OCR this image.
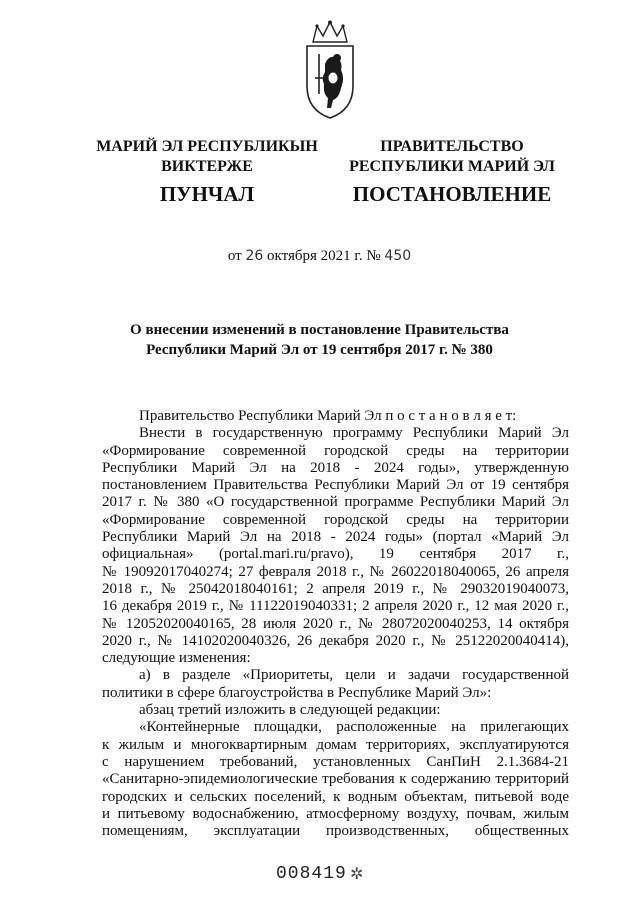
МАРИЙ ЭЛ РЕСПУБЛИКЫН
ВИКТЕРЖЕ
ПУНЧАЛ
ПРАВИТЕЛЬСТВО
РЕСПУБЛИКИ МАРИЙ ЭЛ
ПОСТАНОВЛЕНИЕ
от 26 октября 2021 г. № 450
О внесении изменений в постановление Правительства
Республики Марий Эл от 19 сентября 2017 г. № 380

Правительство Республики Марий Эл п о с т а н о в л я е т:

Внести в государственную программу Республики Марий Эл

«Формирование современной городской среды на территории

Республики Марий Эл на 2018 - 2024 годы», утвержденную

постановлением Правительства Республики Марий Эл от 19 сентября

2017 г. № 380 «О государственной программе Республики Марий Эл

«Формирование современной городской среды на территории

Республики Марий Эл на 2018 - 2024 годы» (портал «Марий Эл

официальная» (portal.mari.ru/pravo), 19 сентября 2017 г.,

№ 19092017040274; 27 февраля 2018 г., № 26022018040065, 26 апреля

2018 г., № 25042018040161; 2 апреля 2019 г., № 29032019040073,

16 декабря 2019 г., № 11122019040331; 2 апреля 2020 г., 12 мая 2020 г.,

№ 12052020040165, 28 июля 2020 г., № 28072020040253, 14 октября

2020 г., № 14102020040326, 26 декабря 2020 г., № 25122020040414),

следующие изменения:

а) в разделе «Приоритеты, цели и задачи государственной

политики в сфере благоустройства в Республике Марий Эл»:

абзац третий изложить в следующей редакции:

«Контейнерные площадки, расположенные на прилегающих

к жилым и многоквартирным домам территориях, эксплуатируются

с нарушением требований, установленных СанПиН 2.1.3684-21

«Санитарно-эпидемиологические требования к содержанию территорий

городских и сельских поселений, к водным объектам, питьевой воде

и питьевому водоснабжению, атмосферному воздуху, почвам, жилым

помещениям, эксплуатации производственных, общественных

008419 ✲
